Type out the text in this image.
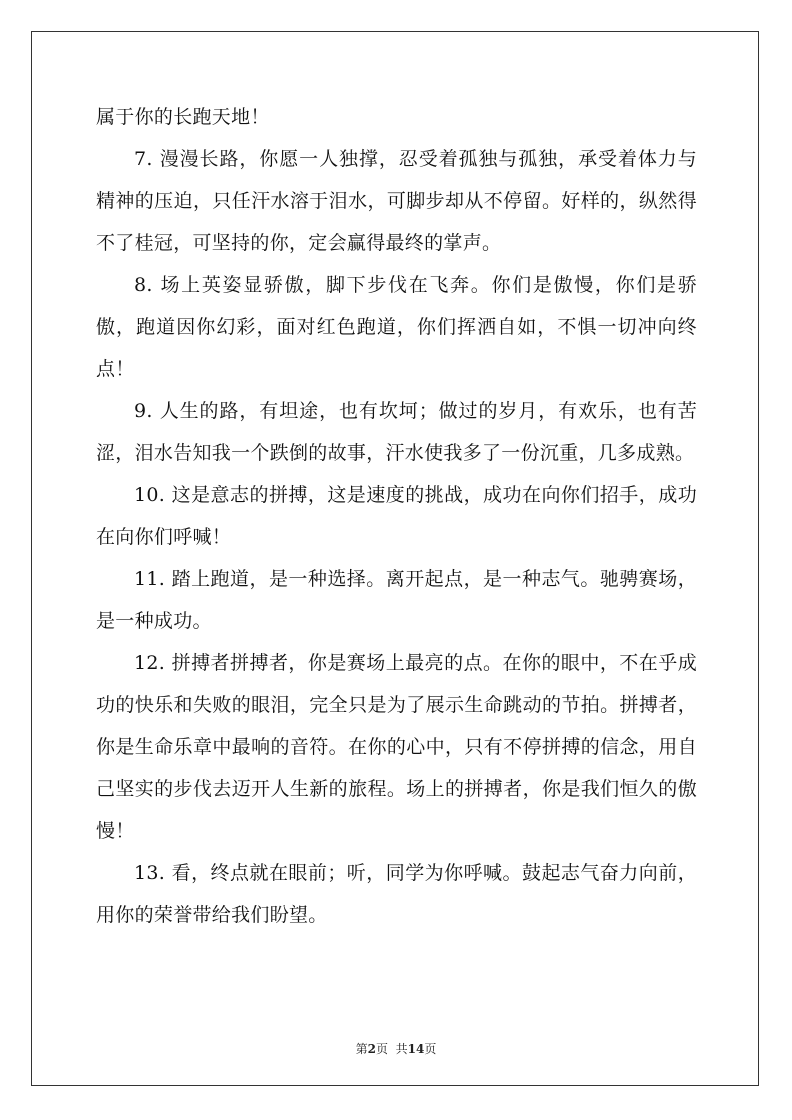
属于你的长跑天地！

7. 漫漫长路，你愿一人独撑，忍受着孤独与孤独，承受着体力与精神的压迫，只任汗水溶于泪水，可脚步却从不停留。好样的，纵然得不了桂冠，可坚持的你，定会赢得最终的掌声。

8. 场上英姿显骄傲，脚下步伐在飞奔。你们是傲慢，你们是骄傲，跑道因你幻彩，面对红色跑道，你们挥洒自如，不惧一切冲向终点！

9. 人生的路，有坦途，也有坎坷；做过的岁月，有欢乐，也有苦涩，泪水告知我一个跌倒的故事，汗水使我多了一份沉重，几多成熟。

10. 这是意志的拼搏，这是速度的挑战，成功在向你们招手，成功在向你们呼喊！

11. 踏上跑道，是一种选择。离开起点，是一种志气。驰骋赛场，是一种成功。

12. 拼搏者拼搏者，你是赛场上最亮的点。在你的眼中，不在乎成功的快乐和失败的眼泪，完全只是为了展示生命跳动的节拍。拼搏者，你是生命乐章中最响的音符。在你的心中，只有不停拼搏的信念，用自己坚实的步伐去迈开人生新的旅程。场上的拼搏者，你是我们恒久的傲慢！

13. 看，终点就在眼前；听，同学为你呼喊。鼓起志气奋力向前，用你的荣誉带给我们盼望。

第2页 共14页
